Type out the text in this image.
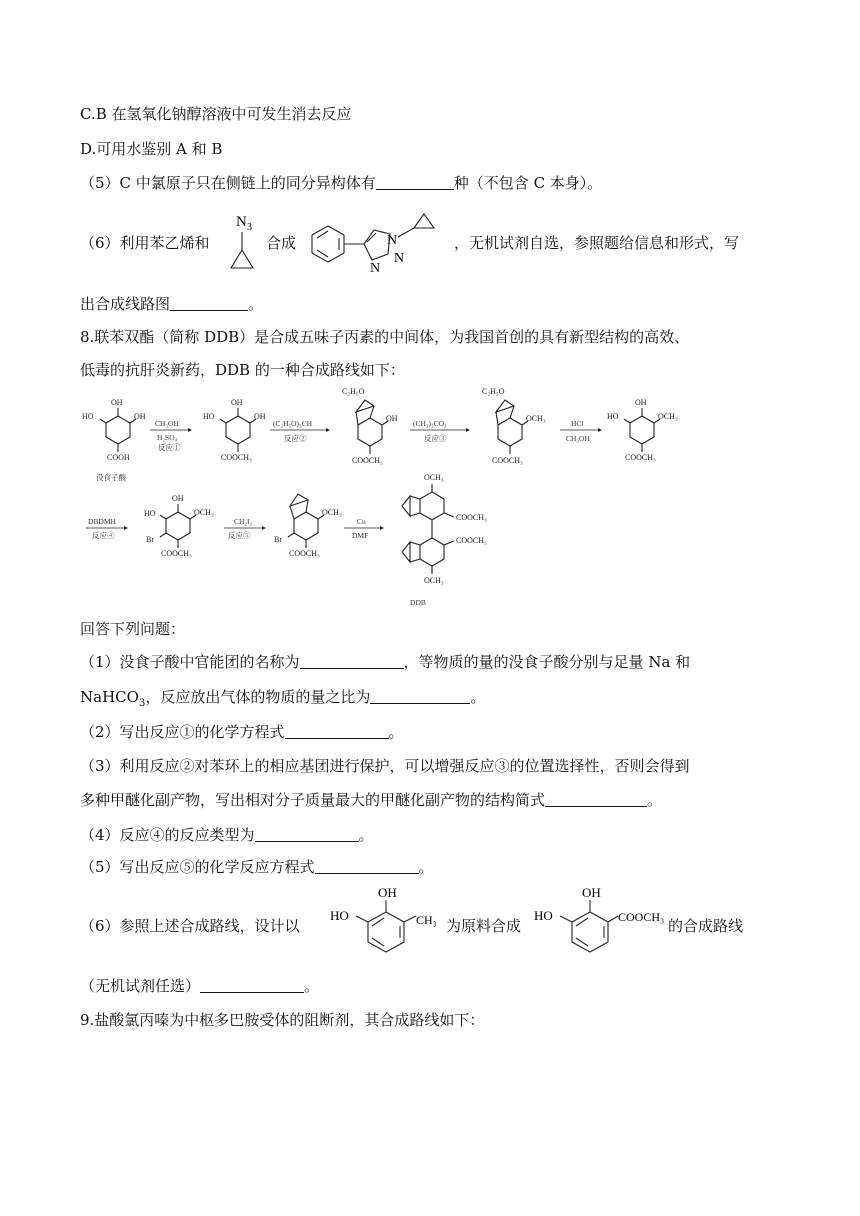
C.B 在氢氧化钠醇溶液中可发生消去反应
D.可用水鉴别 A 和 B
（5）C 中氯原子只在侧链上的同分异构体有	种（不包含 C 本身）。
（6）利用苯乙烯和
N 3
合成	N
N
N
，无机试剂自选，参照题给信息和形式，写
出合成线路图	。
8.联苯双酯（简称 DDB）是合成五味子丙素的中间体，为我国首创的具有新型结构的高效、
低毒的抗肝炎新药，DDB 的一种合成路线如下：
OH
OH
HO
COOH
没食子酸
CH₃OH
H₂SO₄
反应①
OH
OH
HO
COOCH₃
(C₂H₅O)₃CH
反应②
C₂H₅O
OH
COOCH₃
(CH₃)₂CO₃
反应③
C₂H₅O
OCH₃
COOCH₃
HCl
CH₃OH
OH
OCH₃
HO
COOCH₃
DBDMH
反应④
OH
OCH₃
HO
Br
COOCH₃
CH₂I₂
反应⑤
OCH₃
Br
COOCH₃
Cu
DMF
OCH₃
COOCH₃
COOCH₃
OCH₃
DDB
回答下列问题：
（1）没食子酸中官能团的名称为	，等物质的量的没食子酸分别与足量 Na 和
NaHCO$_3$，反应放出气体的物质的量之比为	。
（2）写出反应①的化学方程式	。
（3）利用反应②对苯环上的相应基团进行保护，可以增强反应③的位置选择性，否则会得到
多种甲醚化副产物，写出相对分子质量最大的甲醚化副产物的结构简式	。
（4）反应④的反应类型为	。
（5）写出反应⑤的化学反应方程式	。
（6）参照上述合成路线，设计以
OH
HO	CH₃ 为原料合成
OH
HO	COOCH₃ 的合成路线
（无机试剂任选）	。
9.盐酸氯丙嗪为中枢多巴胺受体的阻断剂，其合成路线如下：
